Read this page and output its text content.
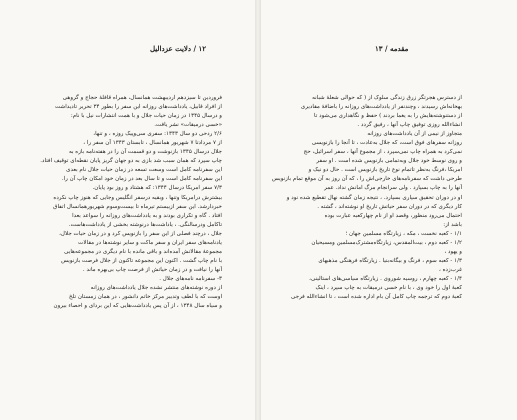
۱۲ / دلایت عزدالیل	مقدمه / ۱۳
فروردین تا سیزدهم اردیبهشت همانسال، همراه قافلهٔ حجاج و گروهی
از افراد قابیل، یادداشت‌های روزانه این سفر را بطور ۳۴ تحریر تادیداشت
و درسال ۱۳۴۵ در زمان حیات جلال و با همت انتشارات نیل با نام:
«خسی درمیقات» نشر یافت.
۲/۶ ردحی دو سال ۱۳۴۳: سفری سی‌وپیک روزه ، و تنها،
از ۷ مردادتا ۷ شهریور همانسال ، تابستان ۱۳۴۳ آن سفر را ،
جلال درسال ۱۳۴۵ بازنوشت و دو قسمت آن را در هفته‌نامه بازه به
چاپ سپرد که همان سبب شد بازی به دو جهان گریز پایان نقطه‌ای توقیف افتاد.
این سفرنامه کامل است وسعت تسعه در زمان حیات جلال نام بعدی
این سفرنامه‌ کامل است و تا سال بعد در زمان خود امکان چاپ آن را.
۷/۳ سفر امریکا درسال ۱۳۴۴: که هشتاد و روز بود پایان.
بیشترش درامریکا وتنها ، وبقیه درسفر انگلیس وجایی که هنوز چاپ نکرده
خبردارشد. این سفر ازبیستم تیرماه تا بیست‌وسوم شهریورهمانسال اتفاق
افتاد . گاه و تکراری بودند و به یادداشت‌های روزانه را سواعد بعدا
تاکامل ودرسالنگی. ، یاداشت‌ها درنوشته‌ بخشی از یادداشت‌هاست.
جلال ، درچند فصلی از این سفر را بازنویس کرد و در زمان حیات جلال،
یادنامه‌های سفر ایران و سفر ماکت و سایر نوشته‌ها در مقالات
مجموعهٔ مقالاتش آمده‌اند و باقی ماند‌ه‌ با نام دیگری در مجموعه‌هایی
با نام چاپ گشت . اکنون این مجموعه تاکنون از جلال فرصت بازنویس
آنها را نیافت و در زمان حیاتش از فرصت چاپ بی‌بهره ماند .
۳- سفرنامه‌ نامه‌های جلال .
از دوره نوشته‌های منتشر نشده جلال یادداشت‌های روزانه
اوست که با لطف وتدبیر مرکز خاتم دانشور ، در همان زمستان تلخ
و سیاه سال ۱۳۴۸ ، از آن پس یادداشت‌هایی که این بردای و احصاء بیرون
از دسترس‌ هجرتگر زرق زندگی سلوک از ( که حوالی شعلهٔ شبانه
بهخانه‌اش رسیدند ، وچندنفر از یادداشت‌های روزانه را باضافهٔ مقادیری
از دستنوشته‌هایش را به یغما بردند ) حفظ و نگاهداری می‌شود تا
انشاءالله روزی توفیق چاپ آنها ، رفیق گردد .
متجاوز از نیمی از آن یادداشت‌های روزانه
روزانه سفرهای فوق است، که جلال به‌عادت ، تا آنجا را بازنویسی
نمی‌کرد به همراه چاپ نمی‌سپرد ، از مجموع آنها ، سفر اسرائیل، حج
و روی نوسط خود جلال وبه‌تمامی بازنویس شده است . او سفر
امریکا ،فرنگ به‌نظر تاتمام نوع تاریخ بازنویس است . حال دو نیک و
طرحی داشت که سفرنامه‌های خارجی‌اش را ، که آن روز به آن موقع تمام بازنویس
آنها را به چاپ بسپارد . ولی سرانجام مرگ امانش نداد. عمر
او در دوران تحقیق سپاری بسپارد. ، نتیجه زمان گشته نهال تقطیع شده نود و
کار دیگری که در دوران سفر حیاتش تاریخ او نوشته‌اند ، گشته .
احتمال می‌رود منظور، وقصد او از نام چهارکعبه عبارت بوده
باشد از:
۱/۱ - کعبه نخست ، مکه ، زیارتگاه مسلمین جهان ؛
۱/۲ - کعبه دوم ، بیت‌المقدس، زیارتگاه‌مشترک‌مسلمین ومسیحیان
و یهود ،
۱/۳ - کعبه سوم ، فرنگ و بیگانه‌بنیا . زیارتگاه فرهنگی مذهبهای
غرب‌زده ،
۱/۴ - کعبه چهارم ، روسیه شوروی . زیارتگاه‌ سیاسی‌های استالینی،
کعبهٔ اول را خود وی ، با نام خسی درمیقات به چاپ سپرد ، اینک
کعبهٔ دوم که ترجمه چاپ کامل آن بام اداره‌ شده است ، تا انشاءالله فرجی
